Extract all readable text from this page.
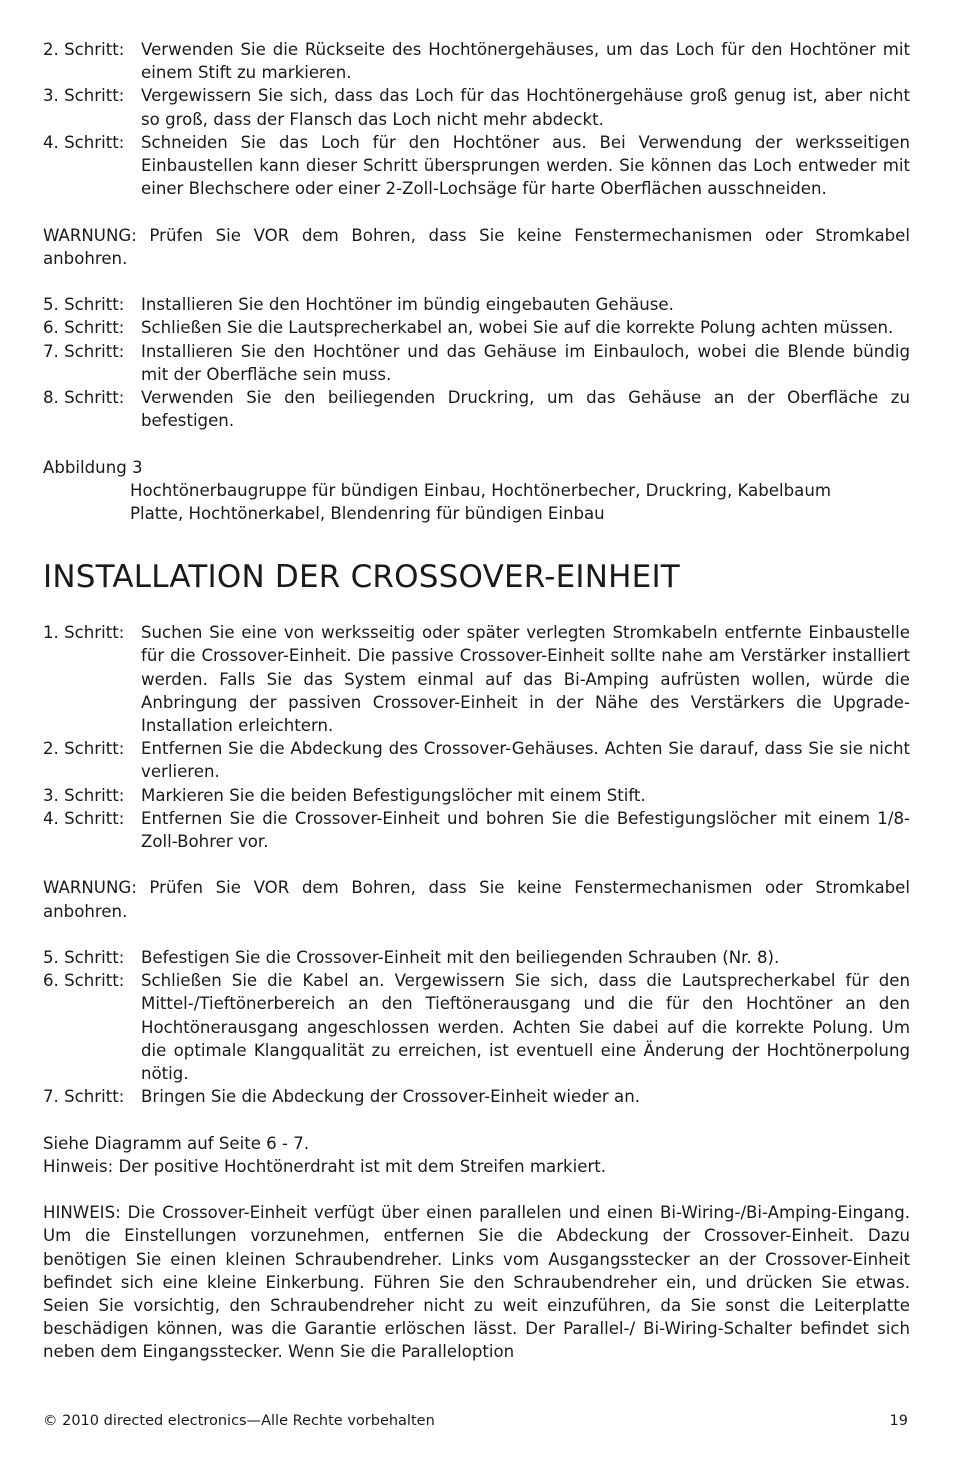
2. Schritt:	Verwenden Sie die Rückseite des Hochtönergehäuses, um das Loch für den Hochtöner mit einem Stift zu markieren.
3. Schritt:	Vergewissern Sie sich, dass das Loch für das Hochtönergehäuse groß genug ist, aber nicht so groß, dass der Flansch das Loch nicht mehr abdeckt.
4. Schritt:	Schneiden Sie das Loch für den Hochtöner aus. Bei Verwendung der werksseitigen Einbaustellen kann dieser Schritt übersprungen werden. Sie können das Loch entweder mit einer Blechschere oder einer 2-Zoll-Lochsäge für harte Oberflächen ausschneiden.

WARNUNG: Prüfen Sie VOR dem Bohren, dass Sie keine Fenstermechanismen oder Stromkabel anbohren.

5. Schritt:	Installieren Sie den Hochtöner im bündig eingebauten Gehäuse.
6. Schritt:	Schließen Sie die Lautsprecherkabel an, wobei Sie auf die korrekte Polung achten müssen.
7. Schritt:	Installieren Sie den Hochtöner und das Gehäuse im Einbauloch, wobei die Blende bündig mit der Oberfläche sein muss.
8. Schritt:	Verwenden Sie den beiliegenden Druckring, um das Gehäuse an der Oberfläche zu befestigen.

Abbildung 3

Hochtönerbaugruppe für bündigen Einbau, Hochtönerbecher, Druckring, Kabelbaum

Platte, Hochtönerkabel, Blendenring für bündigen Einbau

INSTALLATION DER CROSSOVER-EINHEIT
1. Schritt:	Suchen Sie eine von werksseitig oder später verlegten Stromkabeln entfernte Einbaustelle für die Crossover-Einheit. Die passive Crossover-Einheit sollte nahe am Verstärker installiert werden. Falls Sie das System einmal auf das Bi-Amping aufrüsten wollen, würde die Anbringung der passiven Crossover-Einheit in der Nähe des Verstärkers die Upgrade-Installation erleichtern.
2. Schritt:	Entfernen Sie die Abdeckung des Crossover-Gehäuses. Achten Sie darauf, dass Sie sie nicht verlieren.
3. Schritt:	Markieren Sie die beiden Befestigungslöcher mit einem Stift.
4. Schritt:	Entfernen Sie die Crossover-Einheit und bohren Sie die Befestigungslöcher mit einem 1/8-Zoll-Bohrer vor.

WARNUNG: Prüfen Sie VOR dem Bohren, dass Sie keine Fenstermechanismen oder Stromkabel anbohren.

5. Schritt:	Befestigen Sie die Crossover-Einheit mit den beiliegenden Schrauben (Nr. 8).
6. Schritt:	Schließen Sie die Kabel an. Vergewissern Sie sich, dass die Lautsprecherkabel für den Mittel-/Tieftönerbereich an den Tieftönerausgang und die für den Hochtöner an den Hochtönerausgang angeschlossen werden. Achten Sie dabei auf die korrekte Polung. Um die optimale Klangqualität zu erreichen, ist eventuell eine Änderung der Hochtönerpolung nötig.
7. Schritt:	Bringen Sie die Abdeckung der Crossover-Einheit wieder an.

Siehe Diagramm auf Seite 6 - 7.

Hinweis: Der positive Hochtönerdraht ist mit dem Streifen markiert.

HINWEIS: Die Crossover-Einheit verfügt über einen parallelen und einen Bi-Wiring-/Bi-Amping-Eingang. Um die Einstellungen vorzunehmen, entfernen Sie die Abdeckung der Crossover-Einheit. Dazu benötigen Sie einen kleinen Schraubendreher. Links vom Ausgangsstecker an der Crossover-Einheit befindet sich eine kleine Einkerbung. Führen Sie den Schraubendreher ein, und drücken Sie etwas. Seien Sie vorsichtig, den Schraubendreher nicht zu weit einzuführen, da Sie sonst die Leiterplatte beschädigen können, was die Garantie erlöschen lässt. Der Parallel-/ Bi-Wiring-Schalter befindet sich neben dem Eingangsstecker. Wenn Sie die Paralleloption

© 2010 directed electronics—Alle Rechte vorbehalten	19
